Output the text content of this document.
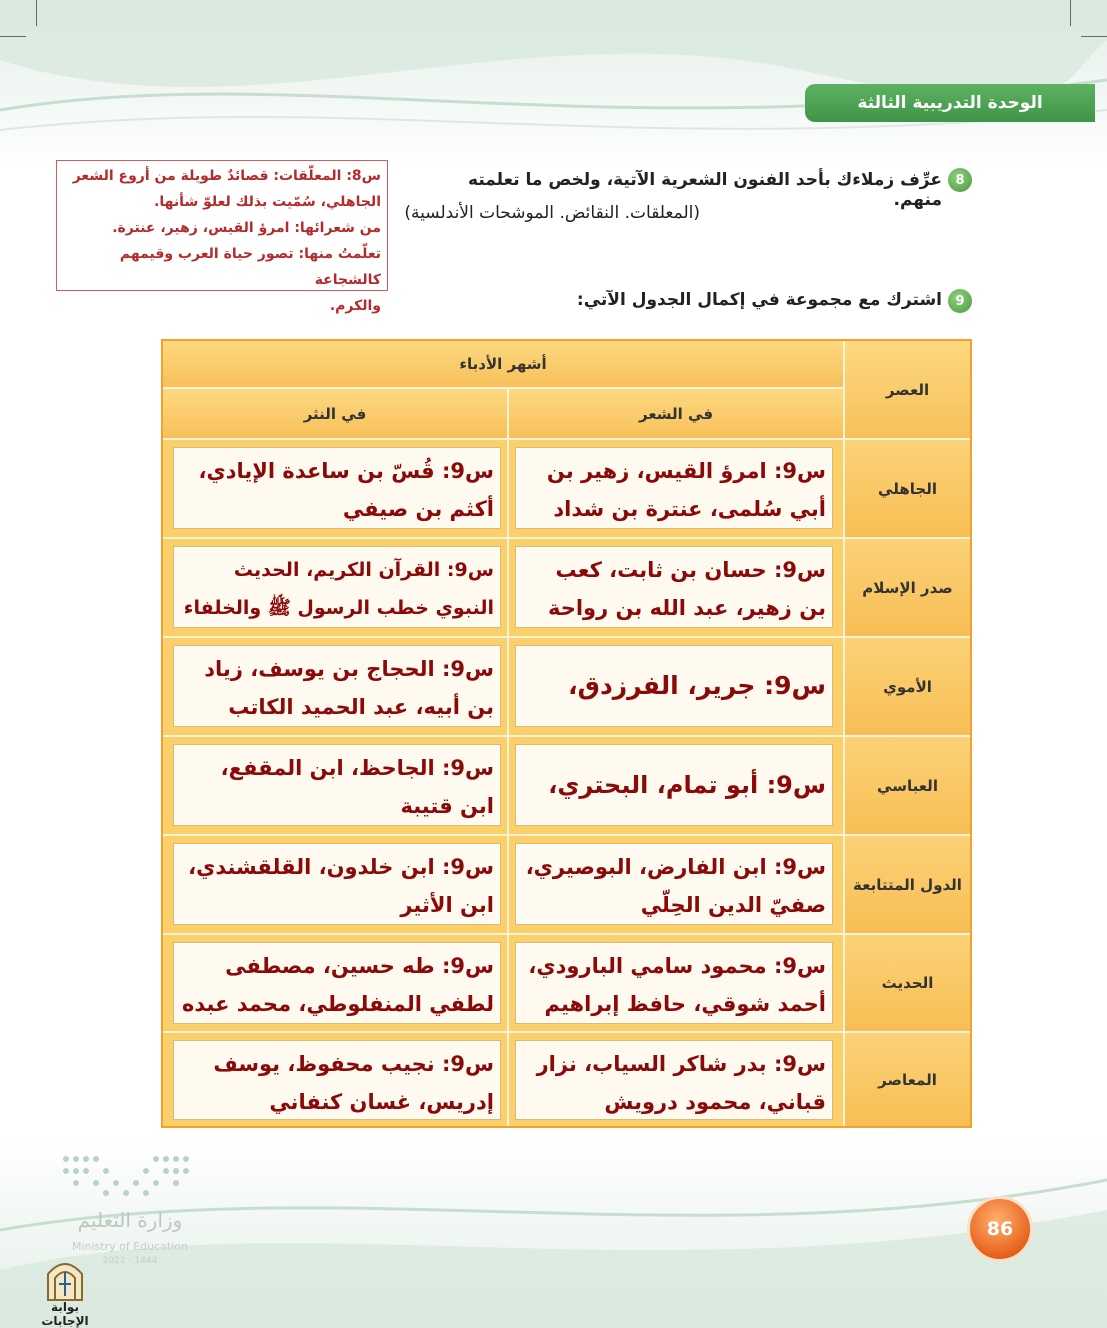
الوحدة التدريبية الثالثة
8
عرِّف زملاءك بأحد الفنون الشعرية الآتية، ولخص ما تعلمته منهم.
(المعلقات. النقائض. الموشحات الأندلسية)
س8: المعلّقات: قصائدٌ طويلة من أروع الشعر
الجاهلي، سُمّيت بذلك لعلوّ شأنها.
من شعرائها: امرؤ القيس، زهير، عنترة.
تعلّمتُ منها: تصور حياة العرب وقيمهم كالشجاعة
والكرم.	9
اشترك مع مجموعة في إكمال الجدول الآتي:
العصر
أشهر الأدباء
في الشعر
في النثر
الجاهلي
س9: امرؤ القيس، زهير بن أبي سُلمى، عنترة بن شداد
س9: قُسّ بن ساعدة الإيادي، أكثم بن صيفي
صدر الإسلام
س9: حسان بن ثابت، كعب بن زهير، عبد الله بن رواحة
س9: القرآن الكريم، الحديث النبوي خطب الرسول ﷺ والخلفاء
الأموي
س9: جرير، الفرزدق،
س9: الحجاج بن يوسف، زياد بن أبيه، عبد الحميد الكاتب
العباسي
س9: أبو تمام، البحتري،
س9: الجاحظ، ابن المقفع، ابن قتيبة
الدول المتتابعة
س9: ابن الفارض، البوصيري، صفيّ الدين الحِلّي
س9: ابن خلدون، القلقشندي، ابن الأثير
الحديث
س9: محمود سامي البارودي، أحمد شوقي، حافظ إبراهيم
س9: طه حسين، مصطفى لطفي المنفلوطي، محمد عبده
المعاصر
س9: بدر شاكر السياب، نزار قباني، محمود درويش
س9: نجيب محفوظ، يوسف إدريس، غسان كنفاني
وزارة التعليم
Ministry of Education
2022 - 1444
86
بوابة الإجابات
